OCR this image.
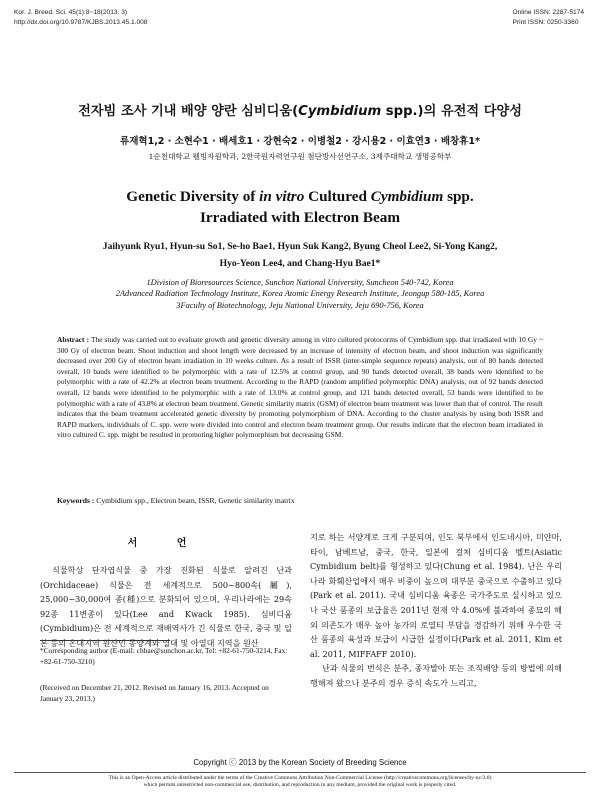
Kor. J. Breed. Sci. 45(1):8~18(2013. 3)
http://dx.doi.org/10.9787/KJBS.2013.45.1.008
Online ISSN: 2287-5174
Print ISSN: 0250-3360
전자빔 조사 기내 배양 양란 심비디움(Cymbidium spp.)의 유전적 다양성
류재혁1,2 · 소현수1 · 배세호1 · 강현숙2 · 이병철2 · 강시용2 · 이효연3 · 배창휴1*
1순천대학교 웰빙자원학과, 2한국원자력연구원 첨단방사선연구소, 3제주대학교 생명공학부
Genetic Diversity of in vitro Cultured Cymbidium spp.
Irradiated with Electron Beam
Jaihyunk Ryu1, Hyun-su So1, Se-ho Bae1, Hyun Suk Kang2, Byung Cheol Lee2, Si-Yong Kang2,
Hyo-Yeon Lee4, and Chang-Hyu Bae1*
1Division of Bioresources Science, Sunchon National University, Suncheon 540-742, Korea
2Advanced Radiation Technology Institute, Korea Atomic Energy Research Institute, Jeongup 580-185, Korea
3Faculty of Biotechnology, Jeju National University, Jeju 690-756, Korea
Abstract : The study was carried out to evaluate growth and genetic diversity among in vitro cultured protocorms of Cymbidium spp. that irradiated with 10 Gy ~ 300 Gy of electron beam. Shoot induction and shoot length were decreased by an increase of intensity of electron beam, and shoot induction was significantly decreased over 200 Gy of electron beam irradiation in 10 weeks culture. As a result of ISSR (inter-simple sequence repeats) analysis, out of 80 bands detected overall, 10 bands were identified to be polymorphic with a rate of 12.5% at control group, and 90 bands detected overall, 38 bands were identified to be polymorphic with a rate of 42.2% at electron beam treatment. According to the RAPD (random amplified polymorphic DNA) analysis, out of 92 bands detected overall, 12 bands were identified to be polymorphic with a rate of 13.0% at control group, and 121 bands detected overall, 53 bands were identified to be polymorphic with a rate of 43.8% at electron beam treatment. Genetic similarity matrix (GSM) of electron beam treatment was lower than that of control. The result indicates that the beam treatment accelerated genetic diversity by promoting polymorphism of DNA. According to the cluster analysis by using both ISSR and RAPD markers, individuals of C. spp. were were divided into control and electron beam treatment group. Our results indicate that the electron beam irradiated in vitro cultured C. spp. might be resulted in promoting higher polymorphism but decreasing GSM.
Keywords : Cymbidium spp., Electron beam, ISSR, Genetic similarity matrix
서 언

식물학상 단자엽식물 중 가장 진화된 식물로 알려진 난과(Orchidaceae) 식물은 전 세계적으로 500~800속(屬), 25,000~30,000여 종(種)으로 분화되어 있으며, 우리나라에는 29속 92종 11변종이 있다(Lee and Kwack 1985). 심비디움(Cymbidium)은 전 세계적으로 재배역사가 긴 식물로 한국, 중국 및 일본 등의 온대지역 원산인 동양계와 열대 및 아열대 지역을 원산

지로 하는 서양계로 크게 구분되며, 인도 북부에서 인도네시아, 미얀마, 타이, 남베트남, 중국, 한국, 일본에 걸쳐 심비디움 벨트(Asiatic Cymbidium belt)를 형성하고 있다(Chung et al. 1984). 난은 우리나라 화훼산업에서 매우 비중이 높으며 대부분 중국으로 수출하고 있다(Park et al. 2011). 국내 심비디움 육종은 국가주도로 실시하고 있으나 국산 품종의 보급율은 2011년 현재 약 4.0%에 불과하여 종묘의 해외 의존도가 매우 높아 농가의 로열티 부담을 경감하기 위해 우수한 국산 품종의 육성과 보급이 시급한 실정이다(Park et al. 2011, Kim et al. 2011, MIFFAFF 2010).

난과 식물의 번식은 분주, 종자발아 또는 조직배양 등의 방법에 의해 행해져 왔으나 분주의 경우 증식 속도가 느리고,

*Corresponding author (E-mail: chbae@sunchon.ac.kr, Tel: +82-61-750-3214, Fax: +82-61-750-3210)
(Received on December 21, 2012. Revised on January 16, 2013. Accepted on January 23, 2013.)
Copyright ⓒ 2013 by the Korean Society of Breeding Science
This is an Open-Access article distributed under the terms of the Creative Commons Attribution Non-Commercial License (http://creativecommons.org/licenses/by-nc/3.0)
which permits unrestricted non-commercial use, distribution, and reproduction in any medium, provided the original work is properly cited.
